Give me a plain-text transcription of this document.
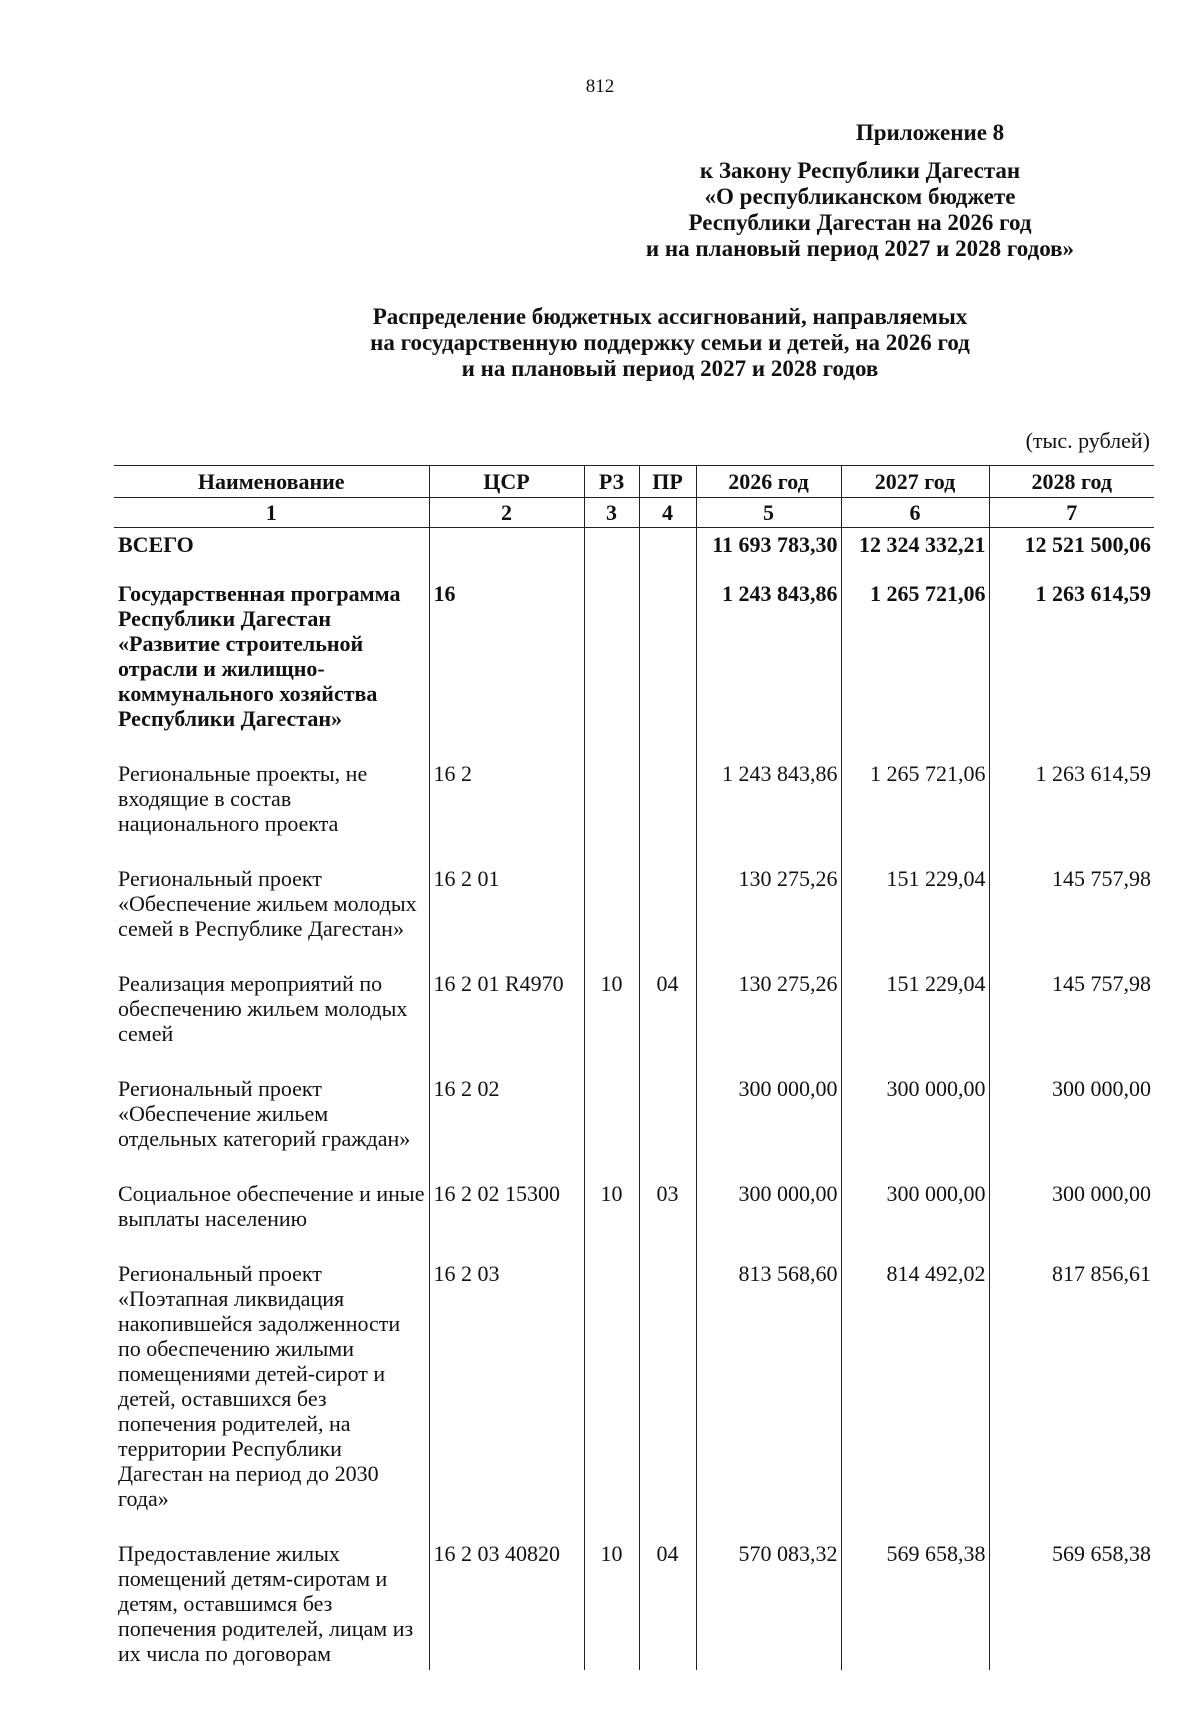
812
Приложение 8
к Закону Республики Дагестан
«О республиканском бюджете
Республики Дагестан на 2026 год
и на плановый период 2027 и 2028 годов»
Распределение бюджетных ассигнований, направляемых
на государственную поддержку семьи и детей, на 2026 год
и на плановый период 2027 и 2028 годов
(тыс. рублей)
Наименование	ЦСР	РЗ	ПР	2026 год	2027 год	2028 год
1	2	3	4	5	6	7
ВСЕГО				11 693 783,30	12 324 332,21	12 521 500,06
Государственная программа Республики Дагестан «Развитие строительной отрасли и жилищно-коммунального хозяйства Республики Дагестан»	16			1 243 843,86	1 265 721,06	1 263 614,59
Региональные проекты, не входящие в состав национального проекта	16 2			1 243 843,86	1 265 721,06	1 263 614,59
Региональный проект «Обеспечение жильем молодых семей в Республике Дагестан»	16 2 01			130 275,26	151 229,04	145 757,98
Реализация мероприятий по обеспечению жильем молодых семей	16 2 01 R4970	10	04	130 275,26	151 229,04	145 757,98
Региональный проект «Обеспечение жильем отдельных категорий граждан»	16 2 02			300 000,00	300 000,00	300 000,00
Социальное обеспечение и иные выплаты населению	16 2 02 15300	10	03	300 000,00	300 000,00	300 000,00
Региональный проект «Поэтапная ликвидация накопившейся задолженности по обеспечению жилыми помещениями детей-сирот и детей, оставшихся без попечения родителей, на территории Республики Дагестан на период до 2030 года»	16 2 03			813 568,60	814 492,02	817 856,61
Предоставление жилых помещений детям-сиротам и детям, оставшимся без попечения родителей, лицам из их числа по договорам	16 2 03 40820	10	04	570 083,32	569 658,38	569 658,38
